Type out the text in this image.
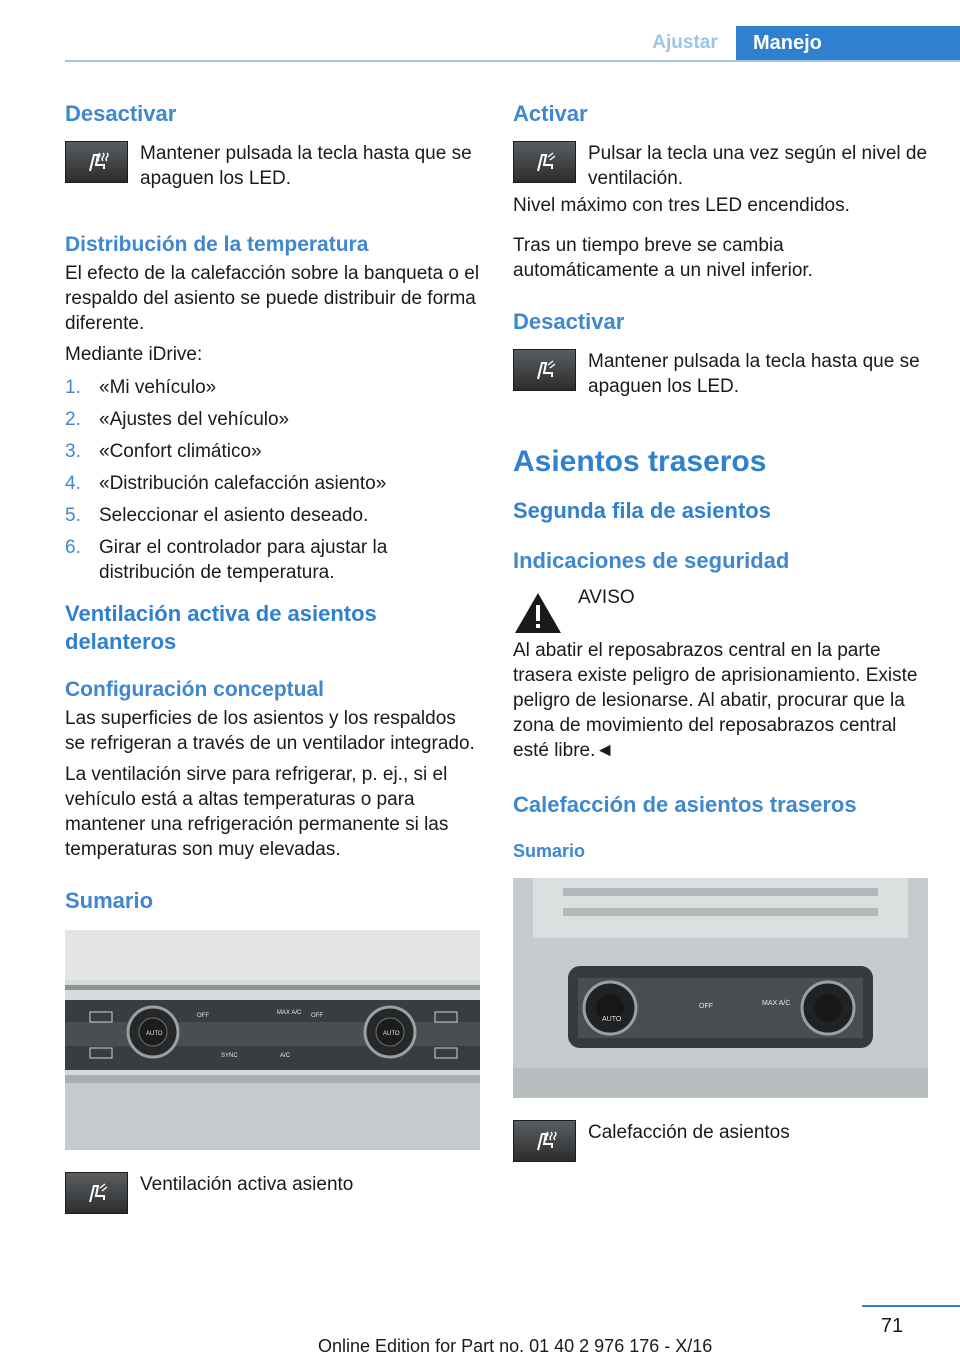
Ajustar	Manejo
Desactivar

Mantener pulsada la tecla hasta que se apaguen los LED.

Distribución de la temperatura

El efecto de la calefacción sobre la banqueta o el respaldo del asiento se puede distribuir de forma diferente.

Mediante iDrive:

1. «Mi vehículo»
2. «Ajustes del vehículo»
3. «Confort climático»
4. «Distribución calefacción asiento»
5. Seleccionar el asiento deseado.
6. Girar el controlador para ajustar la distribución de temperatura.
Ventilación activa de asientos delanteros
Configuración conceptual

Las superficies de los asientos y los respaldos se refrigeran a través de un ventilador integrado.

La ventilación sirve para refrigerar, p. ej., si el vehículo está a altas temperaturas o para mantener una refrigeración permanente si las temperaturas son muy elevadas.

Sumario
AUTO
OFF	MAX A/C OFF
AUTO
SYNC	A/C

Ventilación activa asiento

Activar

Pulsar la tecla una vez según el nivel de ventilación.

Nivel máximo con tres LED encendidos.

Tras un tiempo breve se cambia automáticamente a un nivel inferior.

Desactivar

Mantener pulsada la tecla hasta que se apaguen los LED.

Asientos traseros
Segunda fila de asientos
Indicaciones de seguridad

AVISO

Al abatir el reposabrazos central en la parte trasera existe peligro de aprisionamiento. Existe peligro de lesionarse. Al abatir, procurar que la zona de movimiento del reposabrazos central esté libre.◄

Calefacción de asientos traseros
Sumario
AUTO
OFF	MAX A/C

Calefacción de asientos

71
Online Edition for Part no. 01 40 2 976 176 - X/16
